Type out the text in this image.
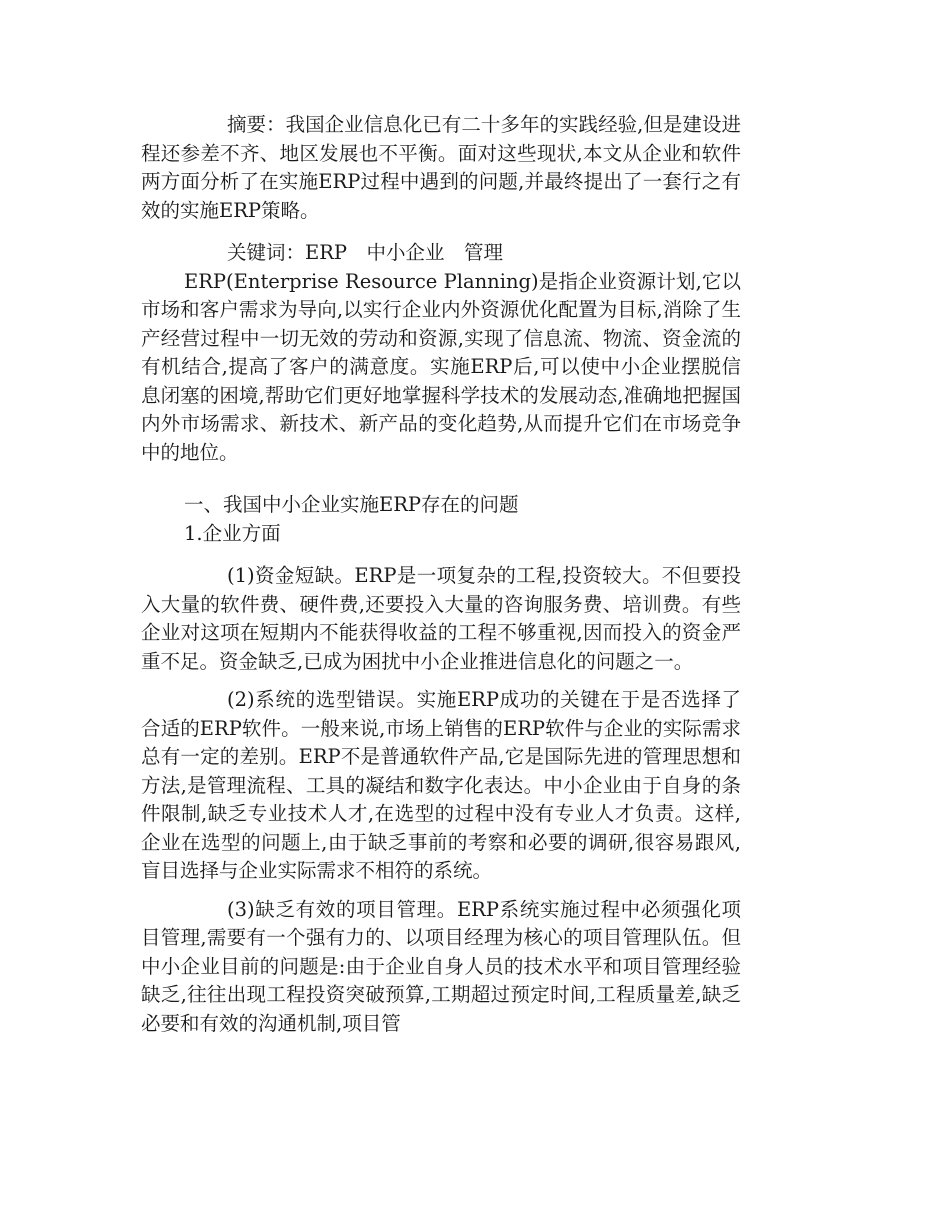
摘要：我国企业信息化已有二十多年的实践经验,但是建设进程还参差不齐、地区发展也不平衡。面对这些现状,本文从企业和软件两方面分析了在实施ERP过程中遇到的问题,并最终提出了一套行之有效的实施ERP策略。

关键词：ERP　中小企业　管理

ERP(Enterprise Resource Planning)是指企业资源计划,它以市场和客户需求为导向,以实行企业内外资源优化配置为目标,消除了生产经营过程中一切无效的劳动和资源,实现了信息流、物流、资金流的有机结合,提高了客户的满意度。实施ERP后,可以使中小企业摆脱信息闭塞的困境,帮助它们更好地掌握科学技术的发展动态,准确地把握国内外市场需求、新技术、新产品的变化趋势,从而提升它们在市场竞争中的地位。

一、我国中小企业实施ERP存在的问题

1.企业方面

(1)资金短缺。ERP是一项复杂的工程,投资较大。不但要投入大量的软件费、硬件费,还要投入大量的咨询服务费、培训费。有些企业对这项在短期内不能获得收益的工程不够重视,因而投入的资金严重不足。资金缺乏,已成为困扰中小企业推进信息化的问题之一。

(2)系统的选型错误。实施ERP成功的关键在于是否选择了合适的ERP软件。一般来说,市场上销售的ERP软件与企业的实际需求总有一定的差别。ERP不是普通软件产品,它是国际先进的管理思想和方法,是管理流程、工具的凝结和数字化表达。中小企业由于自身的条件限制,缺乏专业技术人才,在选型的过程中没有专业人才负责。这样,企业在选型的问题上,由于缺乏事前的考察和必要的调研,很容易跟风,盲目选择与企业实际需求不相符的系统。

(3)缺乏有效的项目管理。ERP系统实施过程中必须强化项目管理,需要有一个强有力的、以项目经理为核心的项目管理队伍。但中小企业目前的问题是:由于企业自身人员的技术水平和项目管理经验缺乏,往往出现工程投资突破预算,工期超过预定时间,工程质量差,缺乏必要和有效的沟通机制,项目管
